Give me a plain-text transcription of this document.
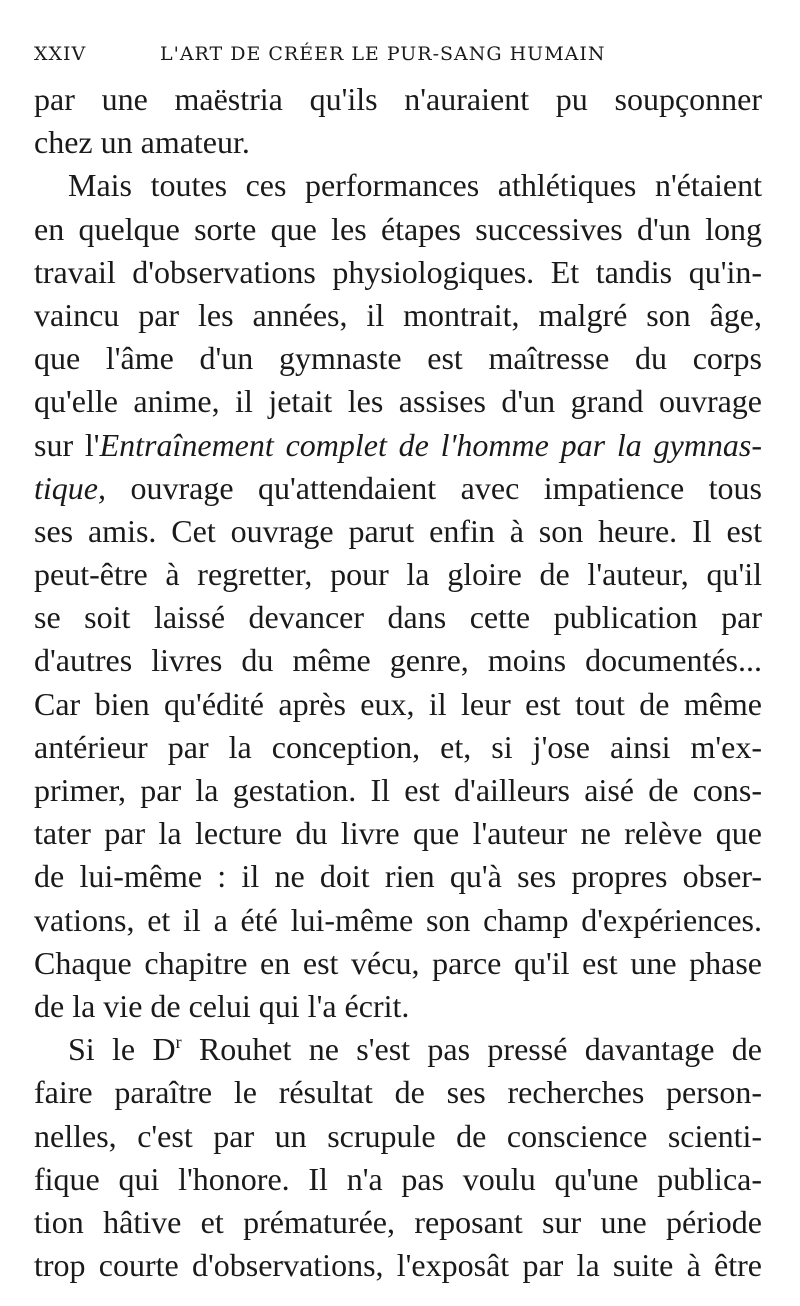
XXIV	L'ART DE CRÉER LE PUR-SANG HUMAIN
par une maëstria qu'ils n'auraient pu soupçonner
chez un amateur.
Mais toutes ces performances athlétiques n'étaient
en quelque sorte que les étapes successives d'un long
travail d'observations physiologiques. Et tandis qu'in-
vaincu par les années, il montrait, malgré son âge,
que l'âme d'un gymnaste est maîtresse du corps
qu'elle anime, il jetait les assises d'un grand ouvrage
sur l'Entraînement complet de l'homme par la gymnas-
tique, ouvrage qu'attendaient avec impatience tous
ses amis. Cet ouvrage parut enfin à son heure. Il est
peut-être à regretter, pour la gloire de l'auteur, qu'il
se soit laissé devancer dans cette publication par
d'autres livres du même genre, moins documentés...
Car bien qu'édité après eux, il leur est tout de même
antérieur par la conception, et, si j'ose ainsi m'ex-
primer, par la gestation. Il est d'ailleurs aisé de cons-
tater par la lecture du livre que l'auteur ne relève que
de lui-même : il ne doit rien qu'à ses propres obser-
vations, et il a été lui-même son champ d'expériences.
Chaque chapitre en est vécu, parce qu'il est une phase
de la vie de celui qui l'a écrit.
Si le $D^r$ Rouhet ne s'est pas pressé davantage de
faire paraître le résultat de ses recherches person-
nelles, c'est par un scrupule de conscience scienti-
fique qui l'honore. Il n'a pas voulu qu'une publica-
tion hâtive et prématurée, reposant sur une période
trop courte d'observations, l'exposât par la suite à être
